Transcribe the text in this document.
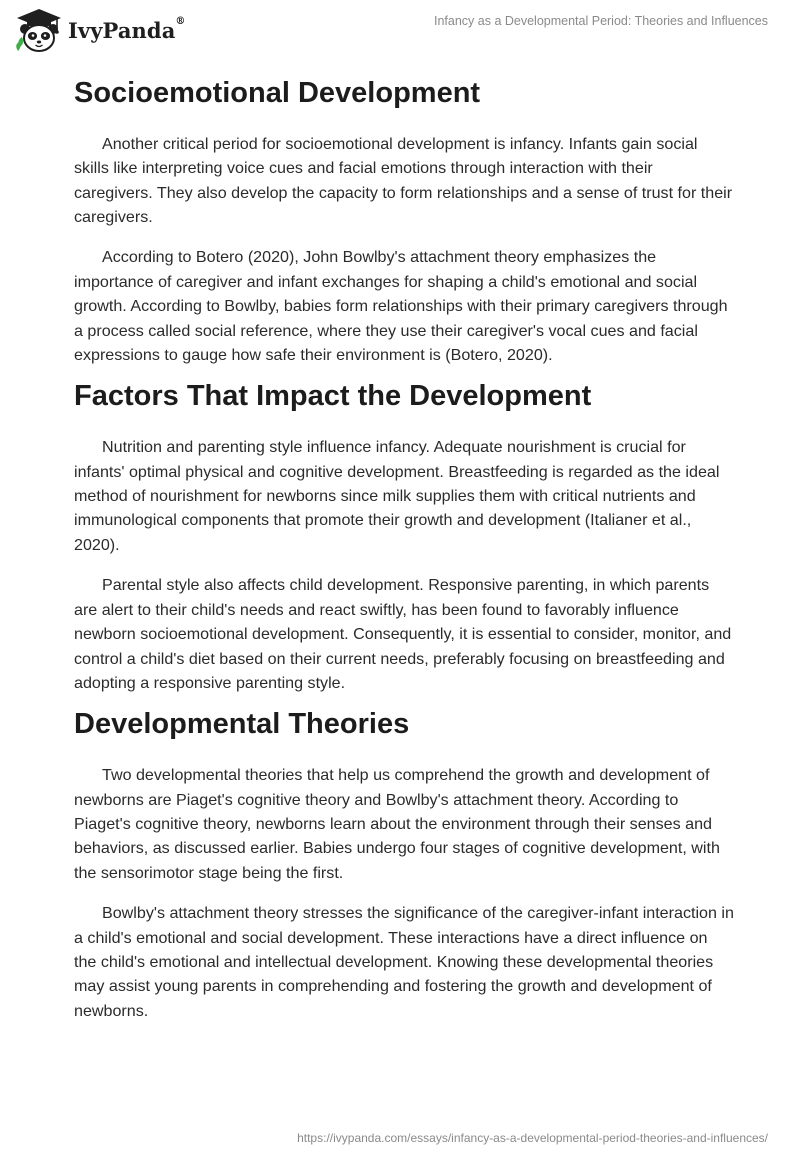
IvyPanda®	Infancy as a Developmental Period: Theories and Influences
Socioemotional Development

Another critical period for socioemotional development is infancy. Infants gain social skills like interpreting voice cues and facial emotions through interaction with their caregivers. They also develop the capacity to form relationships and a sense of trust for their caregivers.

According to Botero (2020), John Bowlby's attachment theory emphasizes the importance of caregiver and infant exchanges for shaping a child's emotional and social growth. According to Bowlby, babies form relationships with their primary caregivers through a process called social reference, where they use their caregiver's vocal cues and facial expressions to gauge how safe their environment is (Botero, 2020).

Factors That Impact the Development

Nutrition and parenting style influence infancy. Adequate nourishment is crucial for infants' optimal physical and cognitive development. Breastfeeding is regarded as the ideal method of nourishment for newborns since milk supplies them with critical nutrients and immunological components that promote their growth and development (Italianer et al., 2020).

Parental style also affects child development. Responsive parenting, in which parents are alert to their child's needs and react swiftly, has been found to favorably influence newborn socioemotional development. Consequently, it is essential to consider, monitor, and control a child's diet based on their current needs, preferably focusing on breastfeeding and adopting a responsive parenting style.

Developmental Theories

Two developmental theories that help us comprehend the growth and development of newborns are Piaget's cognitive theory and Bowlby's attachment theory. According to Piaget's cognitive theory, newborns learn about the environment through their senses and behaviors, as discussed earlier. Babies undergo four stages of cognitive development, with the sensorimotor stage being the first.

Bowlby's attachment theory stresses the significance of the caregiver-infant interaction in a child's emotional and social development. These interactions have a direct influence on the child's emotional and intellectual development. Knowing these developmental theories may assist young parents in comprehending and fostering the growth and development of newborns.

https://ivypanda.com/essays/infancy-as-a-developmental-period-theories-and-influences/
